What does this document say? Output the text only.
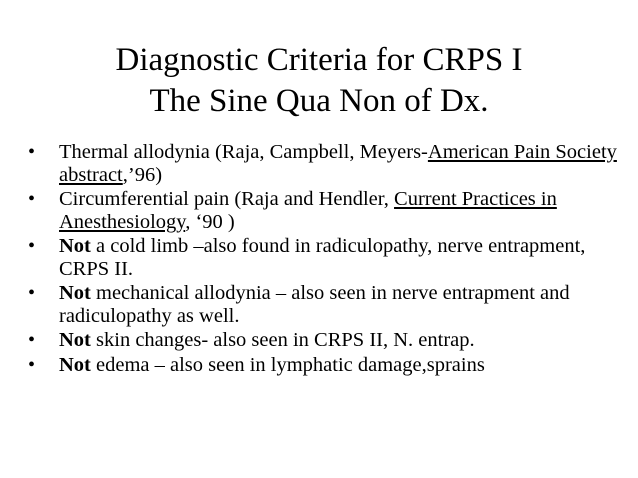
Diagnostic Criteria for CRPS I
The Sine Qua Non of Dx.
• Thermal allodynia (Raja, Campbell, Meyers-American Pain Society abstract,’96)
• Circumferential pain (Raja and Hendler, Current Practices in Anesthesiology, ‘90 )
• Not a cold limb –also found in radiculopathy, nerve entrapment, CRPS II.
• Not mechanical allodynia – also seen in nerve entrapment and radiculopathy as well.
• Not skin changes- also seen in CRPS II, N. entrap.
• Not edema – also seen in lymphatic damage,sprains
